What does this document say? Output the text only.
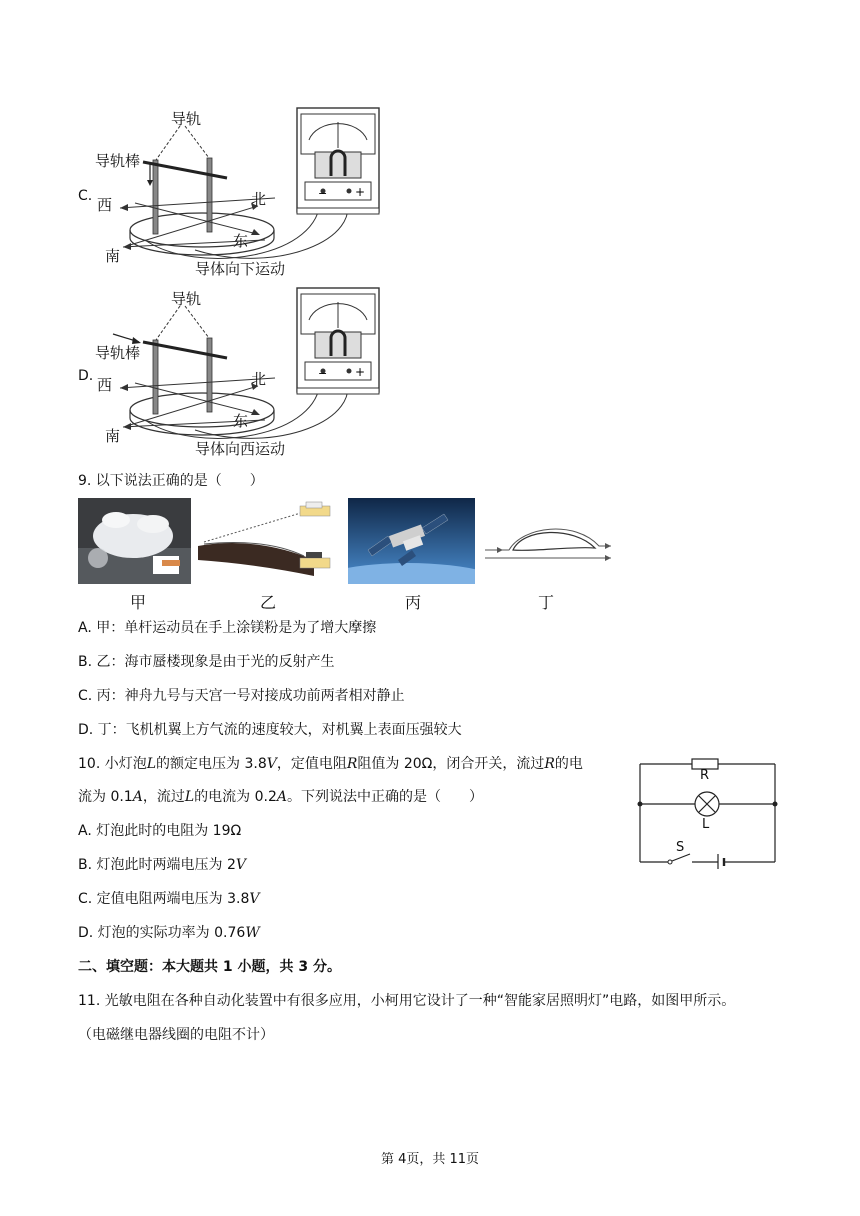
− +
导轨
导轨棒
西	北
南
东
导体向下运动
C.
− +
导轨
导轨棒
西	北
南
东
导体向西运动
D.
9. 以下说法正确的是（　　）
甲	乙	丙	丁
A. 甲：单杆运动员在手上涂镁粉是为了增大摩擦
B. 乙：海市蜃楼现象是由于光的反射产生
C. 丙：神舟九号与天宫一号对接成功前两者相对静止
D. 丁：飞机机翼上方气流的速度较大，对机翼上表面压强较大
10. 小灯泡L的额定电压为 3.8V，定值电阻R阻值为 20Ω，闭合开关，流过R的电
流为 0.1A，流过L的电流为 0.2A。下列说法中正确的是（　　）
A. 灯泡此时的电阻为 19Ω
B. 灯泡此时两端电压为 2V
C. 定值电阻两端电压为 3.8V
D. 灯泡的实际功率为 0.76W
R
L
S
二、填空题：本大题共 1 小题，共 3 分。
11. 光敏电阻在各种自动化装置中有很多应用，小柯用它设计了一种“智能家居照明灯”电路，如图甲所示。
（电磁继电器线圈的电阻不计）
第 4页，共 11页
